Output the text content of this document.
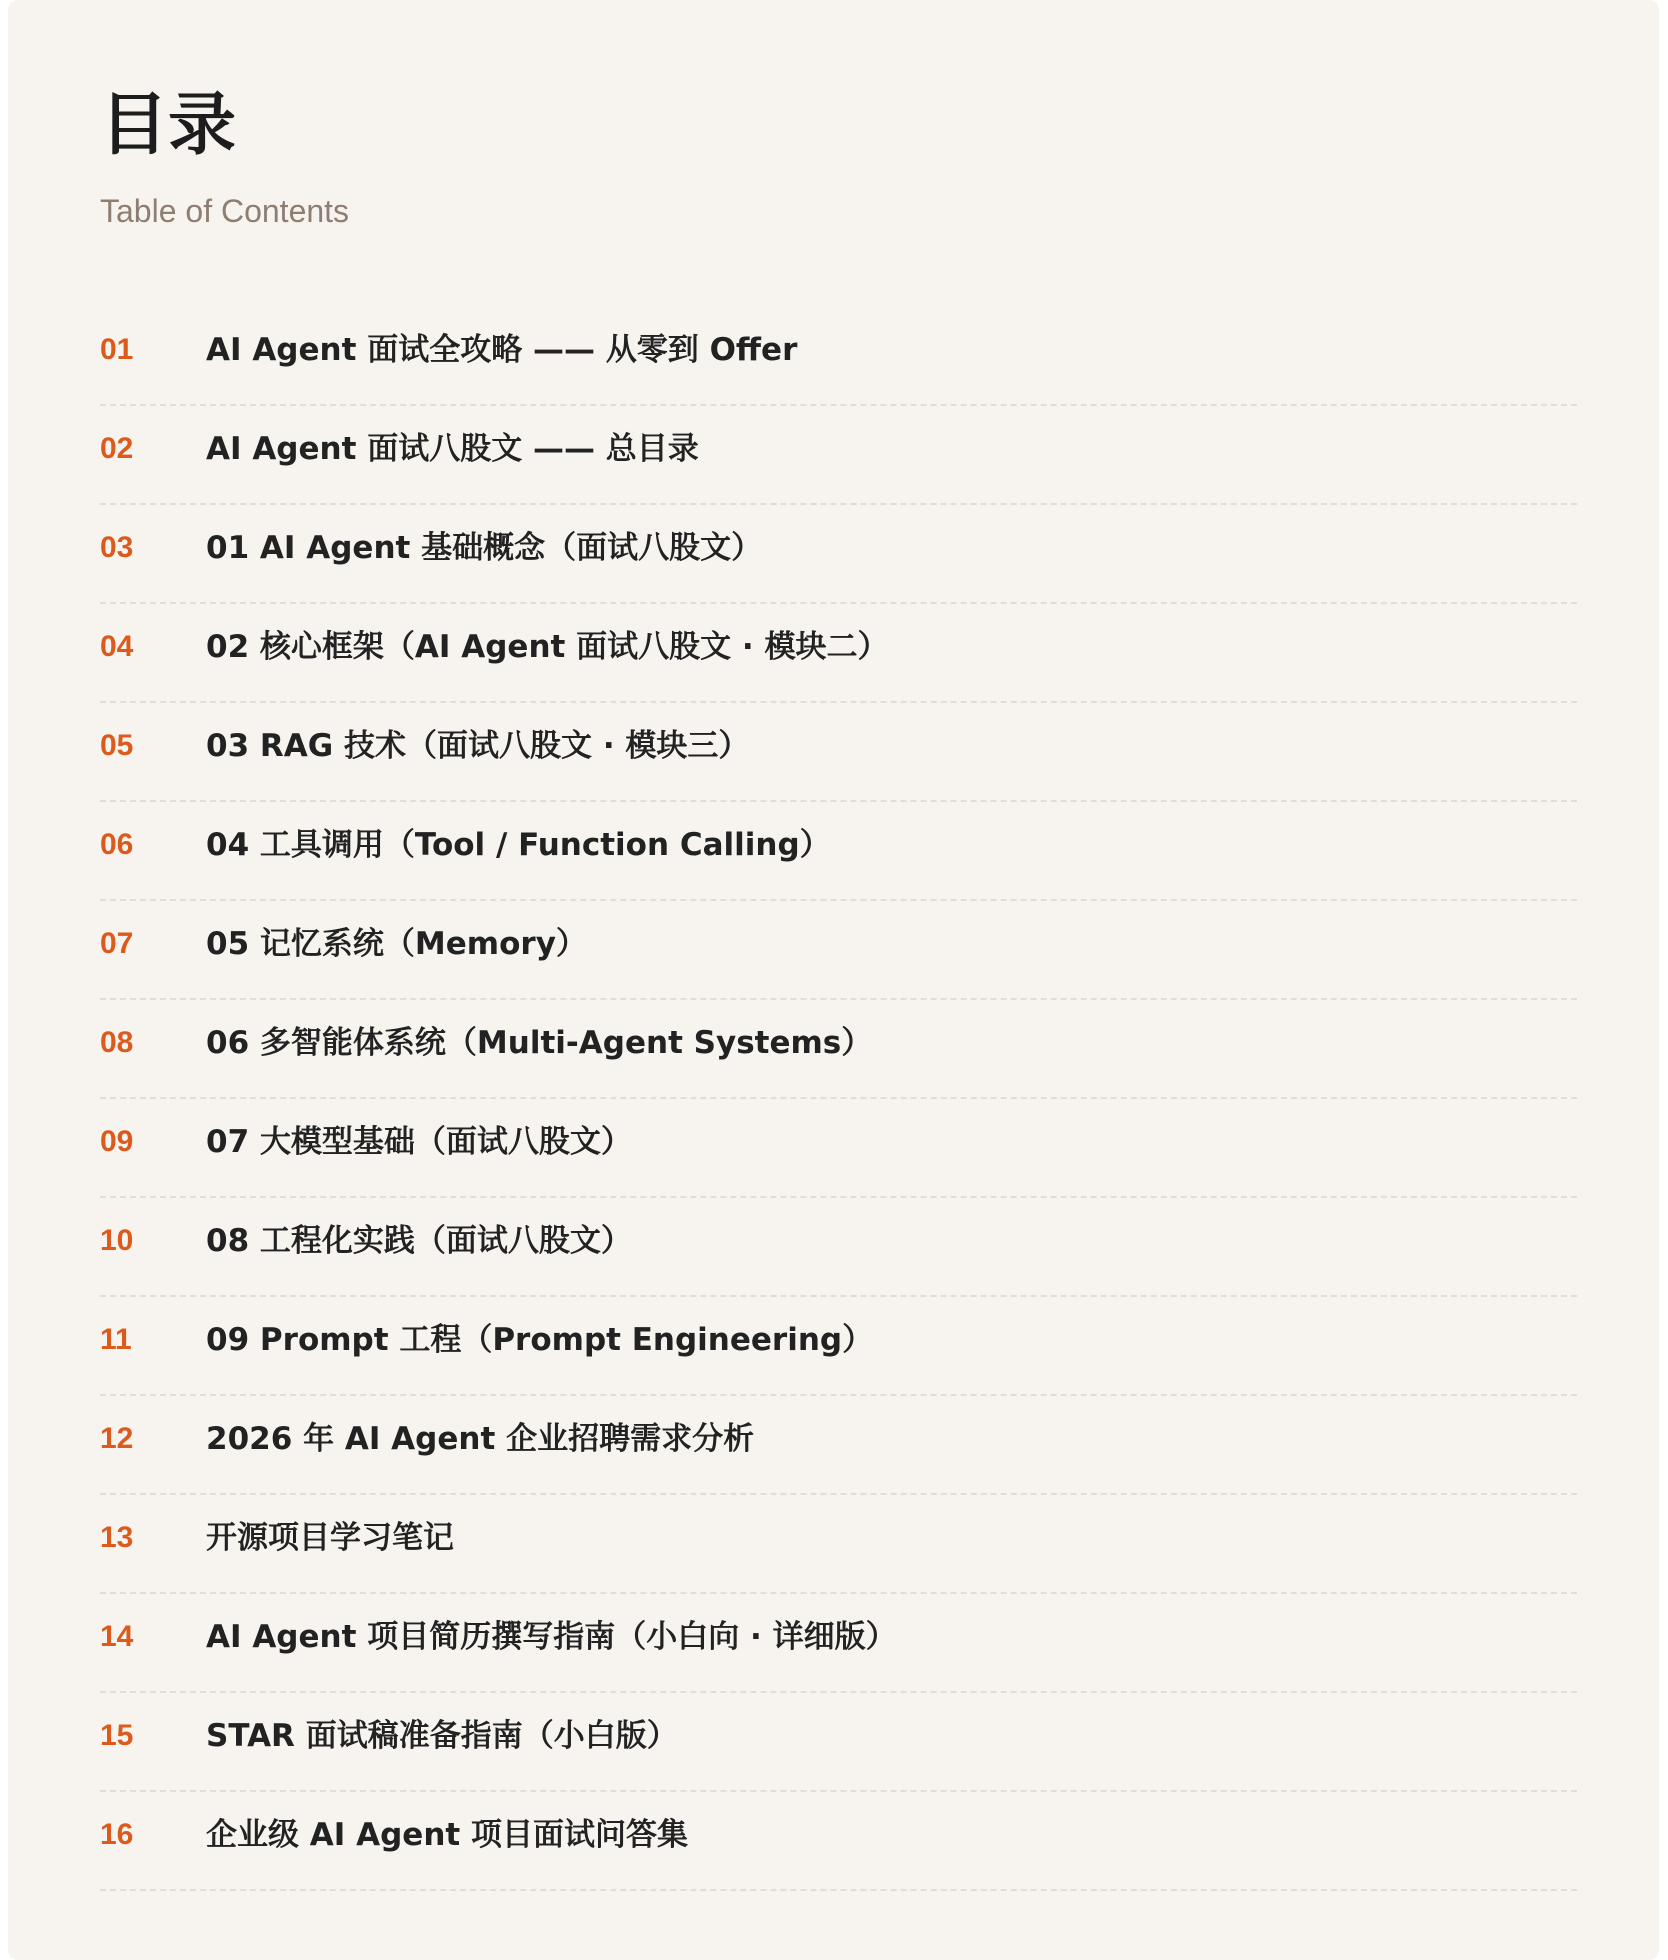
目录
Table of Contents
01	AI Agent 面试全攻略 —— 从零到 Offer
02	AI Agent 面试八股文 —— 总目录
03	01 AI Agent 基础概念（面试八股文）
04	02 核心框架（AI Agent 面试八股文 · 模块二）
05	03 RAG 技术（面试八股文 · 模块三）
06	04 工具调用（Tool / Function Calling）
07	05 记忆系统（Memory）
08	06 多智能体系统（Multi-Agent Systems）
09	07 大模型基础（面试八股文）
10	08 工程化实践（面试八股文）
11	09 Prompt 工程（Prompt Engineering）
12	2026 年 AI Agent 企业招聘需求分析
13	开源项目学习笔记
14	AI Agent 项目简历撰写指南（小白向 · 详细版）
15	STAR 面试稿准备指南（小白版）
16	企业级 AI Agent 项目面试问答集
